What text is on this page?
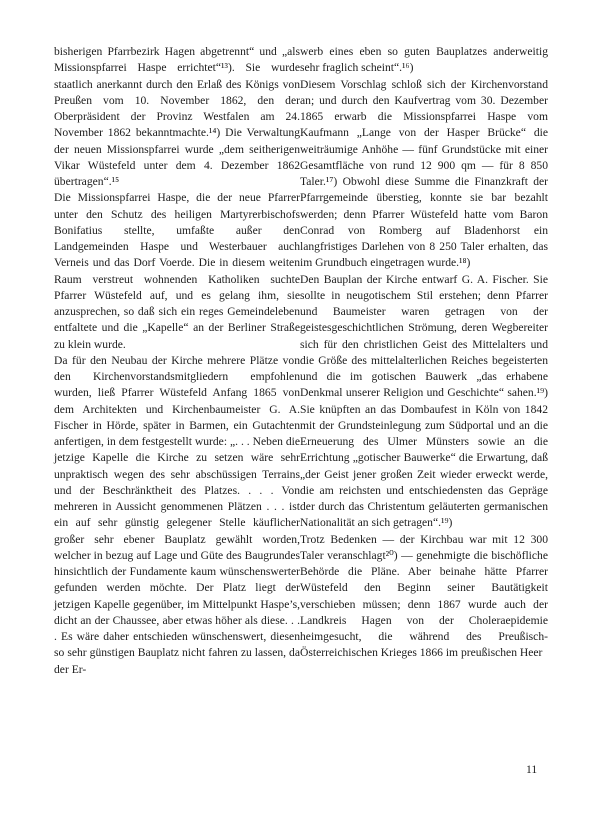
bisherigen Pfarrbezirk Hagen abgetrennt“ und „als Missionspfarrei Haspe errichtet“¹³). Sie wurde staatlich anerkannt durch den Erlaß des Königs von Preußen vom 10. November 1862, den der Oberpräsident der Provinz Westfalen am 24. November 1862 bekanntmachte.¹⁴) Die Verwaltung der neuen Missionspfarrei wurde „dem seitherigen Vikar Wüstefeld unter dem 4. Dezember 1862 übertragen“.¹⁵

Die Missionspfarrei Haspe, die der neue Pfarrer unter den Schutz des heiligen Martyrerbischofs Bonifatius stellte, umfaßte außer den Landgemeinden Haspe und Westerbauer auch Verneis und das Dorf Voerde. Die in diesem weiten Raum verstreut wohnenden Katholiken suchte Pfarrer Wüstefeld auf, und es gelang ihm, sie anzusprechen, so daß sich ein reges Gemeindeleben entfaltete und die „Kapelle“ an der Berliner Straße zu klein wurde.

Da für den Neubau der Kirche mehrere Plätze von den Kirchenvorstandsmitgliedern empfohlen wurden, ließ Pfarrer Wüstefeld Anfang 1865 von dem Architekten und Kirchenbaumeister G. A. Fischer in Hörde, später in Barmen, ein Gutachten anfertigen, in dem festgestellt wurde: „. . . Neben die jetzige Kapelle die Kirche zu setzen wäre sehr unpraktisch wegen des sehr abschüssigen Terrains und der Beschränktheit des Platzes. . . . Von mehreren in Aussicht genommenen Plätzen . . . ist ein auf sehr günstig gelegener Stelle käuflicher großer sehr ebener Bauplatz gewählt worden, welcher in bezug auf Lage und Güte des Baugrundes hinsichtlich der Fundamente kaum wünschenswerter gefunden werden möchte. Der Platz liegt der jetzigen Kapelle gegenüber, im Mittelpunkt Haspe’s, dicht an der Chaussee, aber etwas höher als diese. . . . Es wäre daher entschieden wünschenswert, diesen so sehr günstigen Bauplatz nicht fahren zu lassen, da der Er-

werb eines eben so guten Bauplatzes anderweitig sehr fraglich scheint“.¹⁶)

Diesem Vorschlag schloß sich der Kirchenvorstand an; und durch den Kaufvertrag vom 30. Dezember 1865 erwarb die Missionspfarrei Haspe vom Kaufmann „Lange von der Hasper Brücke“ die weiträumige Anhöhe — fünf Grundstücke mit einer Gesamtfläche von rund 12 900 qm — für 8 850 Taler.¹⁷) Obwohl diese Summe die Finanzkraft der Pfarrgemeinde überstieg, konnte sie bar bezahlt werden; denn Pfarrer Wüstefeld hatte vom Baron Conrad von Romberg auf Bladenhorst ein langfristiges Darlehen von 8 250 Taler erhalten, das im Grundbuch eingetragen wurde.¹⁸)

Den Bauplan der Kirche entwarf G. A. Fischer. Sie sollte in neugotischem Stil erstehen; denn Pfarrer und Baumeister waren getragen von der geistesgeschichtlichen Strömung, deren Wegbereiter sich für den christlichen Geist des Mittelalters und die Größe des mittelalterlichen Reiches begeisterten und die im gotischen Bauwerk „das erhabene Denkmal unserer Religion und Geschichte“ sahen.¹⁹) Sie knüpften an das Dombaufest in Köln von 1842 mit der Grundsteinlegung zum Südportal und an die Erneuerung des Ulmer Münsters sowie an die Errichtung „gotischer Bauwerke“ die Erwartung, daß „der Geist jener großen Zeit wieder erweckt werde, die am reichsten und entschiedensten das Gepräge der durch das Christentum geläuterten germanischen Nationalität an sich getragen“.¹⁹)

Trotz Bedenken — der Kirchbau war mit 12 300 Taler veranschlagt²⁰) — genehmigte die bischöfliche Behörde die Pläne. Aber beinahe hätte Pfarrer Wüstefeld den Beginn seiner Bautätigkeit verschieben müssen; denn 1867 wurde auch der Landkreis Hagen von der Choleraepidemie heimgesucht, die während des Preußisch-Österreichischen Krieges 1866 im preußischen Heer

11
